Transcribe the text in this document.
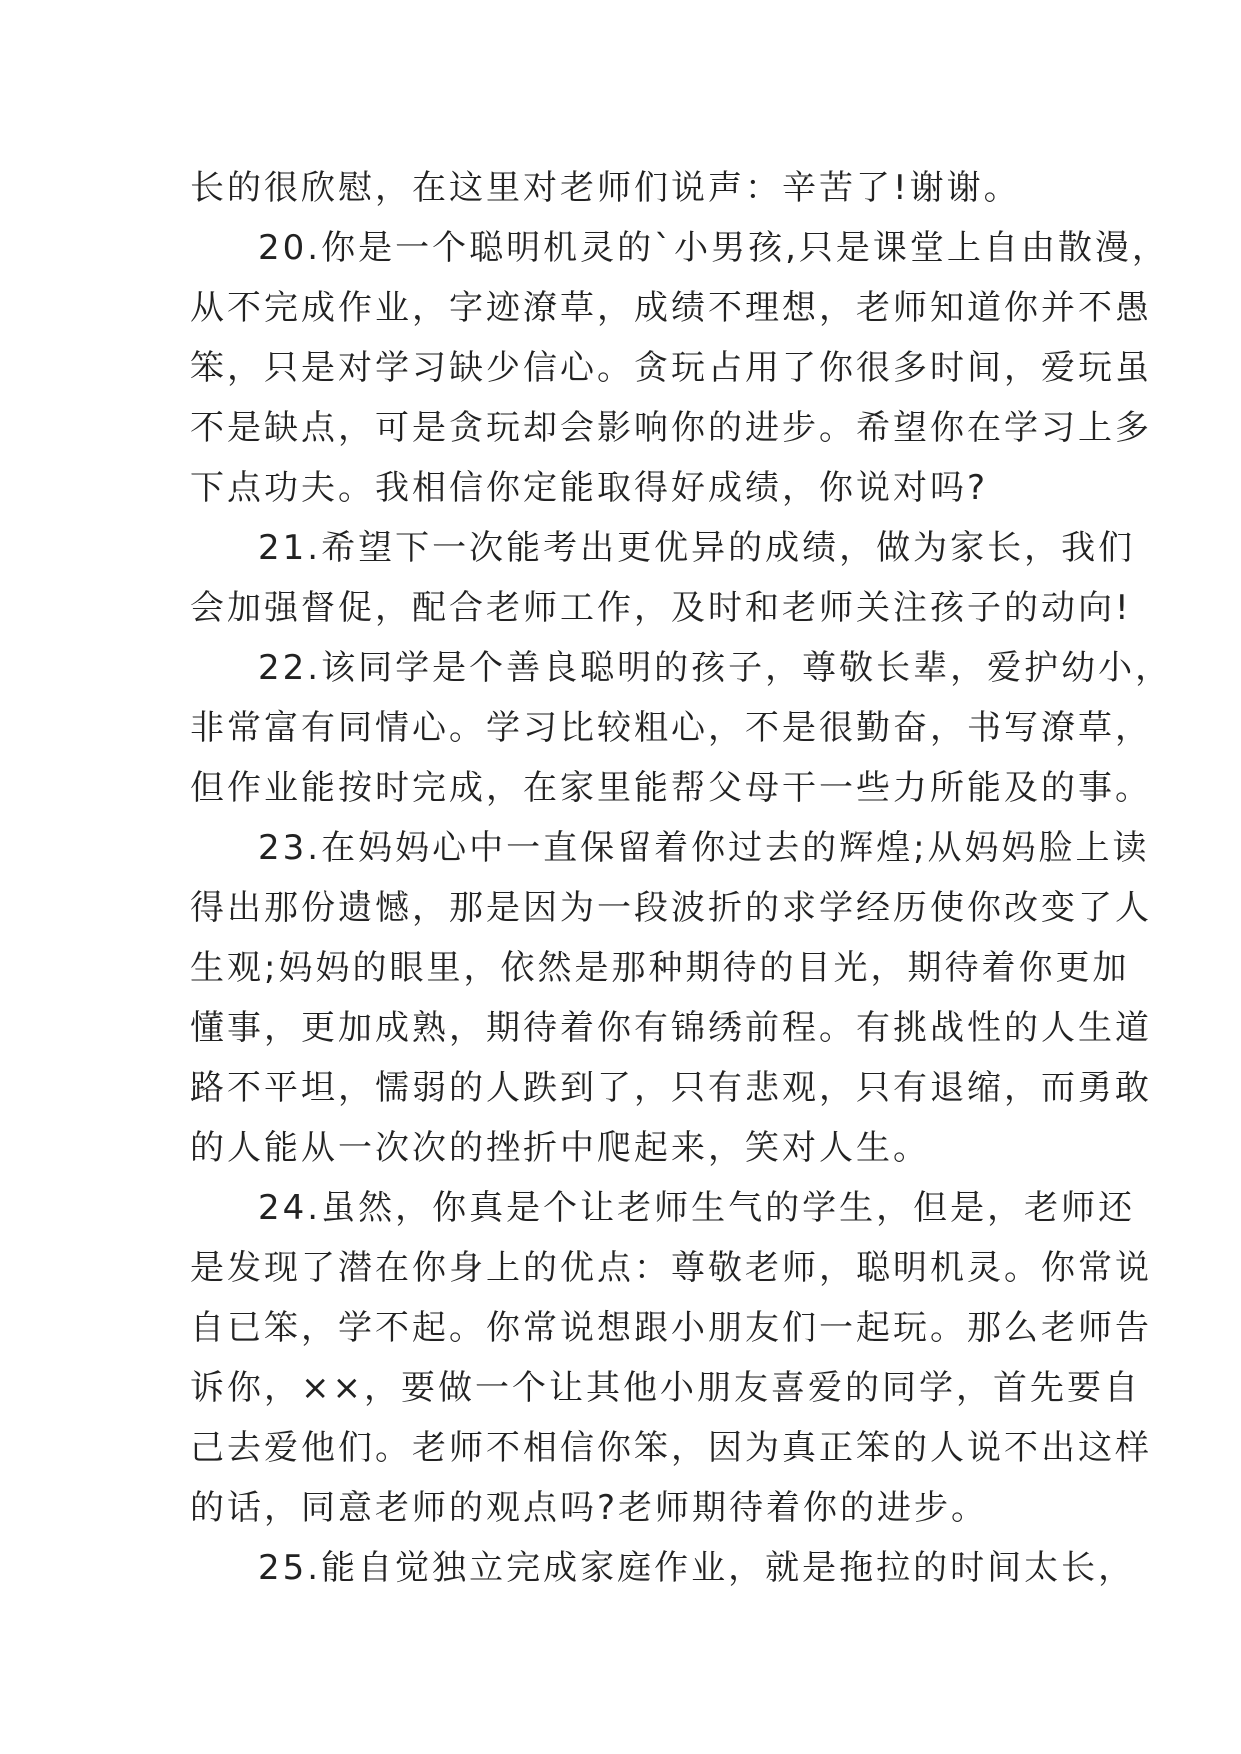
长的很欣慰，在这里对老师们说声：辛苦了!谢谢。
20.你是一个聪明机灵的`小男孩,只是课堂上自由散漫，
从不完成作业，字迹潦草，成绩不理想，老师知道你并不愚
笨，只是对学习缺少信心。贪玩占用了你很多时间，爱玩虽
不是缺点，可是贪玩却会影响你的进步。希望你在学习上多
下点功夫。我相信你定能取得好成绩，你说对吗?
21.希望下一次能考出更优异的成绩，做为家长，我们
会加强督促，配合老师工作，及时和老师关注孩子的动向!
22.该同学是个善良聪明的孩子，尊敬长辈，爱护幼小，
非常富有同情心。学习比较粗心，不是很勤奋，书写潦草，
但作业能按时完成，在家里能帮父母干一些力所能及的事。
23.在妈妈心中一直保留着你过去的辉煌;从妈妈脸上读
得出那份遗憾，那是因为一段波折的求学经历使你改变了人
生观;妈妈的眼里，依然是那种期待的目光，期待着你更加
懂事，更加成熟，期待着你有锦绣前程。有挑战性的人生道
路不平坦，懦弱的人跌到了，只有悲观，只有退缩，而勇敢
的人能从一次次的挫折中爬起来，笑对人生。
24.虽然，你真是个让老师生气的学生，但是，老师还
是发现了潜在你身上的优点：尊敬老师，聪明机灵。你常说
自已笨，学不起。你常说想跟小朋友们一起玩。那么老师告
诉你，××，要做一个让其他小朋友喜爱的同学，首先要自
己去爱他们。老师不相信你笨，因为真正笨的人说不出这样
的话，同意老师的观点吗?老师期待着你的进步。
25.能自觉独立完成家庭作业，就是拖拉的时间太长，
